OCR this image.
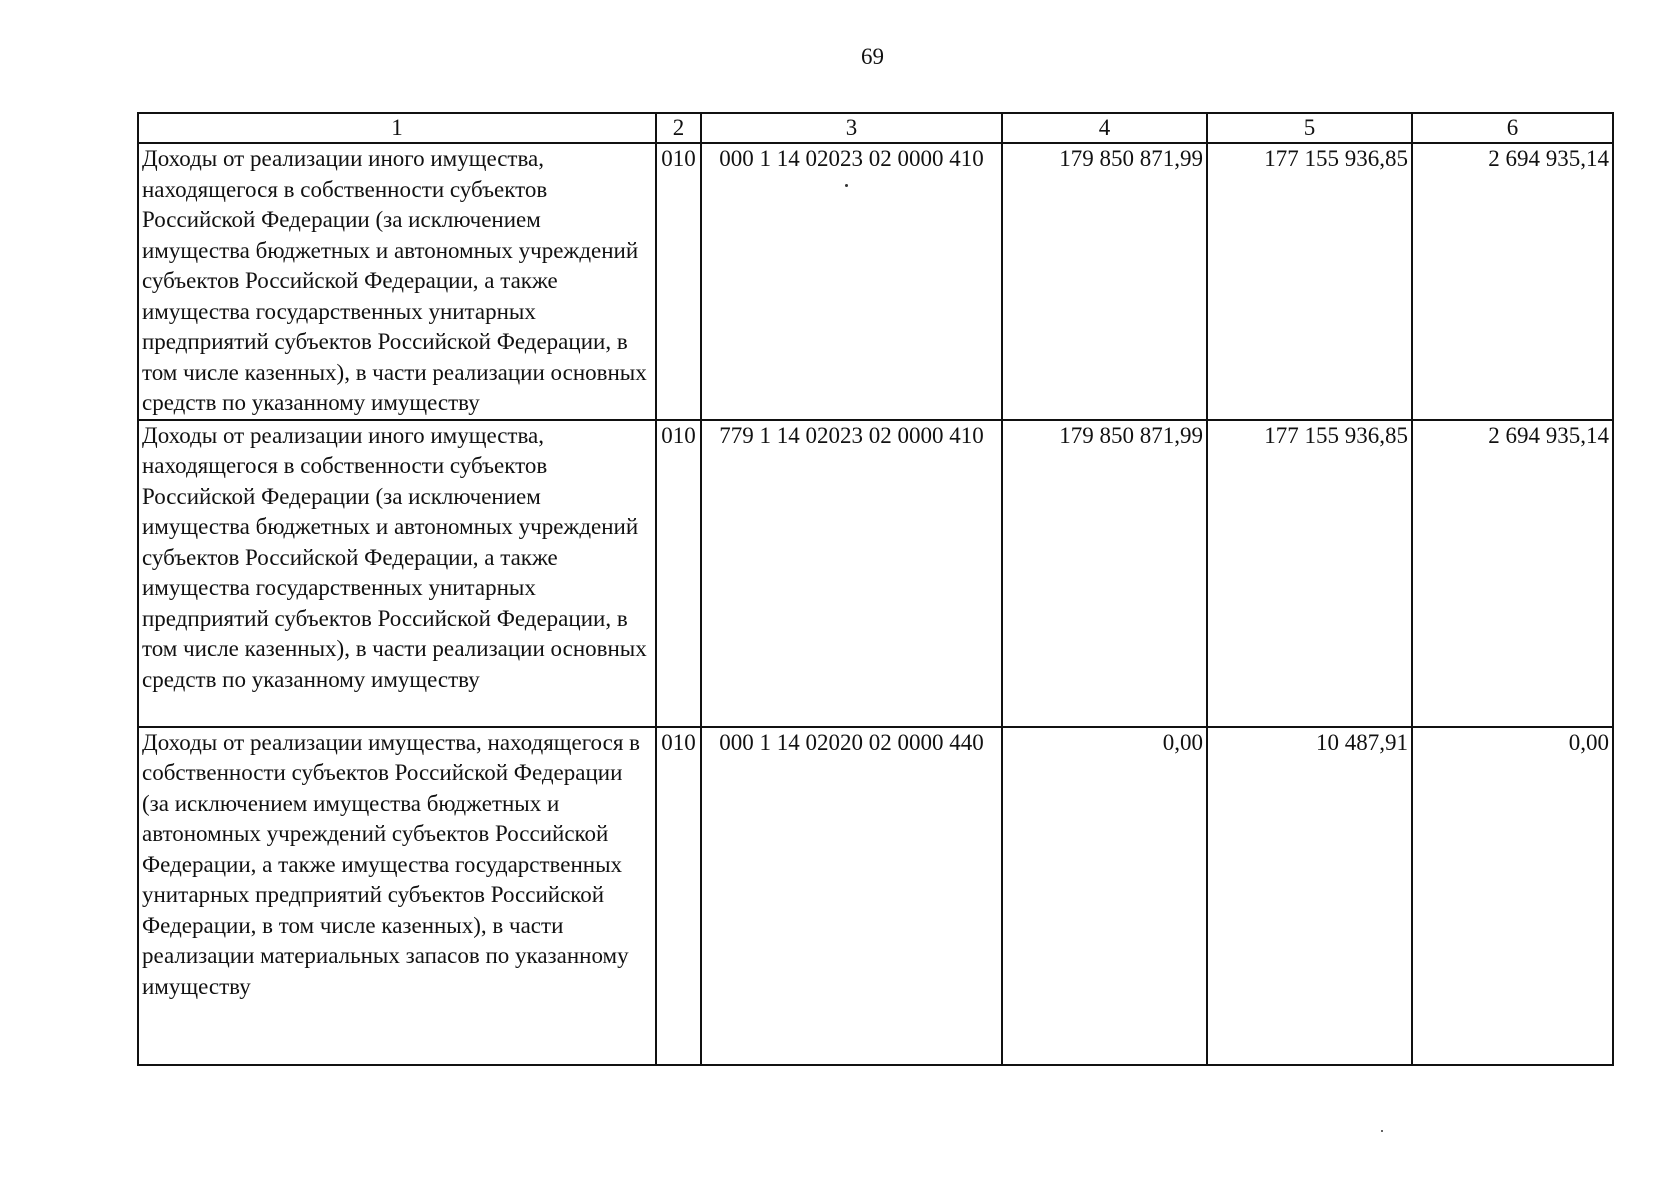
69
1	2	3	4	5	6
Доходы от реализации иного имущества, находящегося в собственности субъектов Российской Федерации (за исключением имущества бюджетных и автономных учреждений субъектов Российской Федерации, а также имущества государственных унитарных предприятий субъектов Российской Федерации, в том числе казенных), в части реализации основных средств по указанному имуществу	010	000 1 14 02023 02 0000 410	179 850 871,99	177 155 936,85	2 694 935,14
Доходы от реализации иного имущества, находящегося в собственности субъектов Российской Федерации (за исключением имущества бюджетных и автономных учреждений субъектов Российской Федерации, а также имущества государственных унитарных предприятий субъектов Российской Федерации, в том числе казенных), в части реализации основных средств по указанному имуществу	010	779 1 14 02023 02 0000 410	179 850 871,99	177 155 936,85	2 694 935,14
Доходы от реализации имущества, находящегося в собственности субъектов Российской Федерации (за исключением имущества бюджетных и автономных учреждений субъектов Российской Федерации, а также имущества государственных унитарных предприятий субъектов Российской Федерации, в том числе казенных), в части реализации материальных запасов по указанному имуществу	010	000 1 14 02020 02 0000 440	0,00	10 487,91	0,00
